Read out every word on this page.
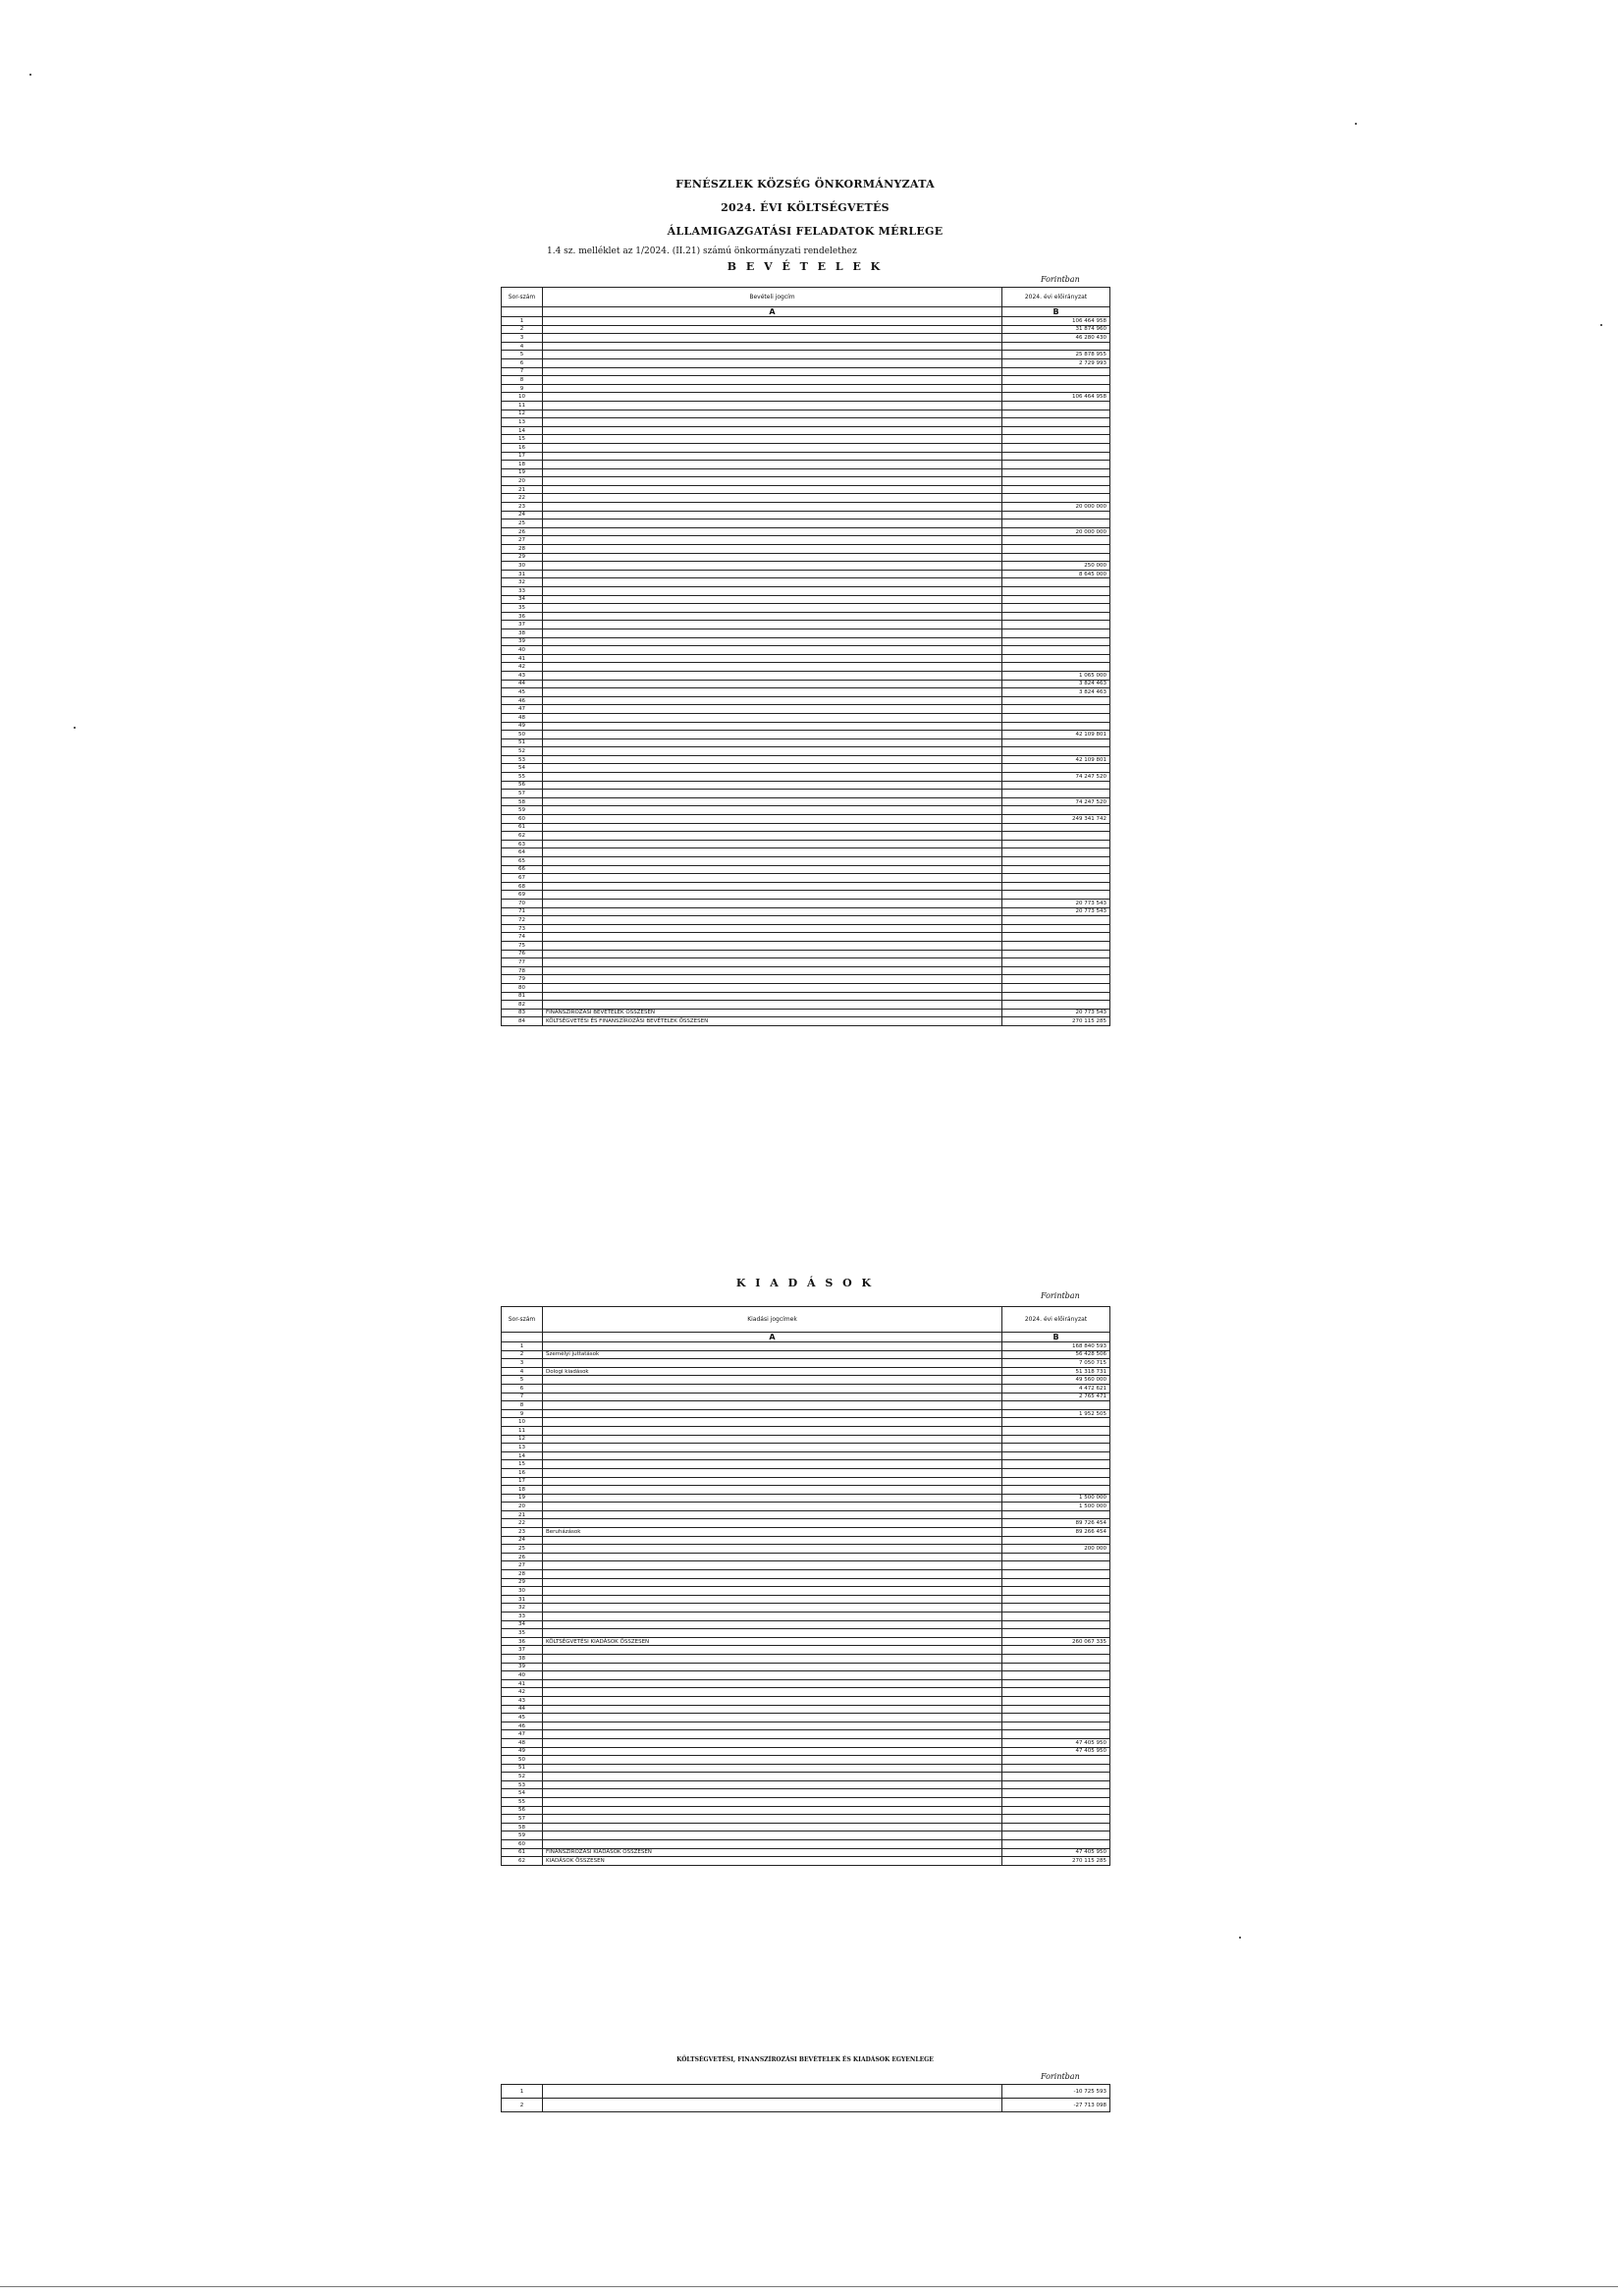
FENÉSZLEK KÖZSÉG ÖNKORMÁNYZATA
2024. ÉVI KÖLTSÉGVETÉS
ÁLLAMIGAZGATÁSI FELADATOK MÉRLEGE
1.4 sz. melléklet az 1/2024. (II.21) számú önkormányzati rendelethez
B E V É T E L E K
Forintban
Sor-szám	Bevételi jogcím	2024. évi előirányzat
	A	B
1		106 464 958
2		31 874 960
3		46 280 430
4		
5		25 878 955
6		2 729 993
7		
8		
9		
10		106 464 958
11		
12		
13		
14		
15		
16		
17		
18		
19		
20		
21		
22		
23		20 000 000
24		
25		
26		20 000 000
27		
28		
29		
30		250 000
31		8 645 000
32		
33		
34		
35		
36		
37		
38		
39		
40		
41		
42		
43		1 065 000
44		3 824 463
45		3 824 463
46		
47		
48		
49		
50		42 109 801
51		
52		
53		42 109 801
54		
55		74 247 520
56		
57		
58		74 247 520
59		
60		249 341 742
61		
62		
63		
64		
65		
66		
67		
68		
69		
70		20 773 543
71		20 773 543
72		
73		
74		
75		
76		
77		
78		
79		
80		
81		
82		
83	FINANSZÍROZÁSI BEVÉTELEK ÖSSZESEN	20 773 543
84	KÖLTSÉGVETÉSI ÉS FINANSZÍROZÁSI BEVÉTELEK ÖSSZESEN	270 115 285
K I A D Á S O K
Forintban
Sor-szám	Kiadási jogcímek	2024. évi előirányzat
	A	B
1		168 840 593
2	Személyi juttatások	56 428 506
3		7 050 715
4	Dologi kiadások	51 318 731
5		49 560 000
6		4 472 621
7		2 765 471
8		
9		1 952 505
10		
11		
12		
13		
14		
15		
16		
17		
18		
19		1 500 000
20		1 500 000
21		
22		89 726 454
23	Beruházások	89 266 454
24		
25		200 000
26		
27		
28		
29		
30		
31		
32		
33		
34		
35		
36	KÖLTSÉGVETÉSI KIADÁSOK ÖSSZESEN	260 067 335
37		
38		
39		
40		
41		
42		
43		
44		
45		
46		
47		
48		47 405 950
49		47 405 950
50		
51		
52		
53		
54		
55		
56		
57		
58		
59		
60		
61	FINANSZÍROZÁSI KIADÁSOK ÖSSZESEN	47 405 950
62	KIADÁSOK ÖSSZESEN	270 115 285
KÖLTSÉGVETÉSI, FINANSZÍROZÁSI BEVÉTELEK ÉS KIADÁSOK EGYENLEGE
Forintban
1		-10 725 593
2		-27 713 098
